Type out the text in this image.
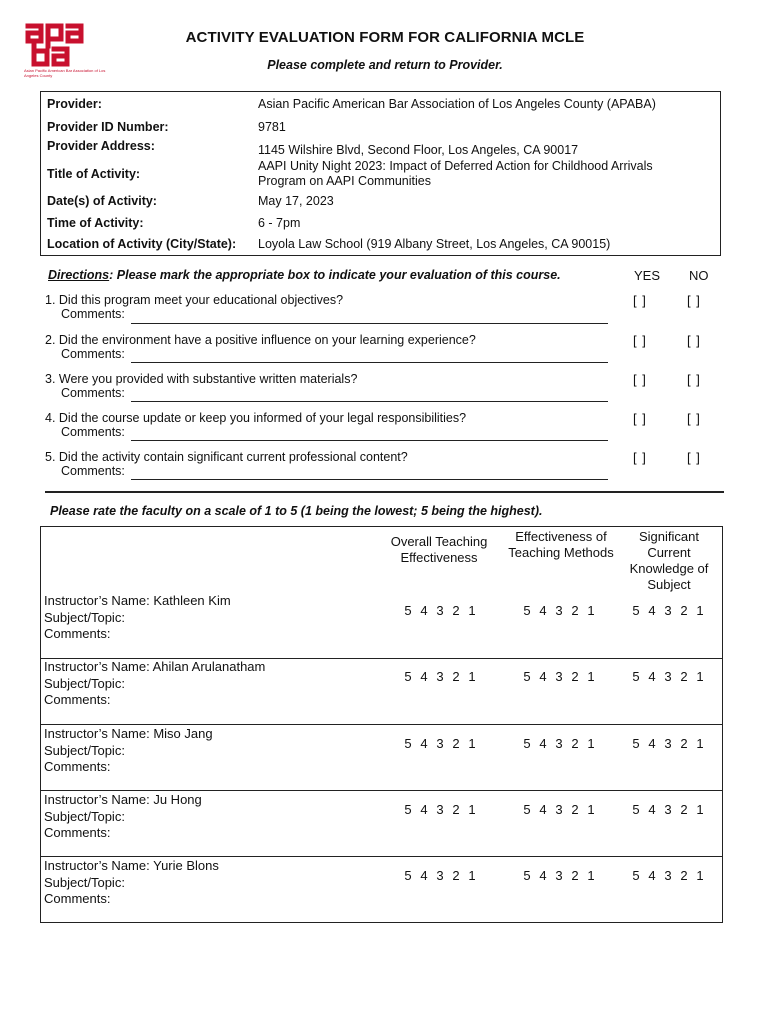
Asian Pacific American Bar Association of Los Angeles County
ACTIVITY EVALUATION FORM FOR CALIFORNIA MCLE
Please complete and return to Provider.
Provider:	Asian Pacific American Bar Association of Los Angeles County (APABA)
Provider ID Number:	9781
Provider Address:	1145 Wilshire Blvd, Second Floor, Los Angeles, CA 90017
Title of Activity:
AAPI Unity Night 2023: Impact of Deferred Action for Childhood Arrivals Program on AAPI Communities
Date(s) of Activity:	May 17, 2023
Time of Activity:	6 - 7pm
Location of Activity (City/State): Loyola Law School (919 Albany Street, Los Angeles, CA 90015)
Directions: Please mark the appropriate box to indicate your evaluation of this course.	YES NO
1. Did this program meet your educational objectives?
Comments:
[ ]	[ ]
2. Did the environment have a positive influence on your learning experience?
Comments:
[ ]	[ ]
3. Were you provided with substantive written materials?
Comments:
[ ]	[ ]
4. Did the course update or keep you informed of your legal responsibilities?
Comments:
[ ]	[ ]
5. Did the activity contain significant current professional content?
Comments:
[ ]	[ ]
Please rate the faculty on a scale of 1 to 5 (1 being the lowest; 5 being the highest).
Overall Teaching Effectiveness
Effectiveness of Teaching Methods
Significant Current Knowledge of Subject
Instructor’s Name: Kathleen Kim
Subject/Topic:
Comments:
5 4 3 2 1	5 4 3 2 1	5 4 3 2 1
Instructor’s Name: Ahilan Arulanatham
Subject/Topic:
Comments:
5 4 3 2 1	5 4 3 2 1	5 4 3 2 1
Instructor’s Name: Miso Jang
Subject/Topic:
Comments:
5 4 3 2 1	5 4 3 2 1	5 4 3 2 1
Instructor’s Name: Ju Hong
Subject/Topic:
Comments:
5 4 3 2 1	5 4 3 2 1	5 4 3 2 1
Instructor’s Name: Yurie Blons
Subject/Topic:
Comments:
5 4 3 2 1	5 4 3 2 1	5 4 3 2 1
